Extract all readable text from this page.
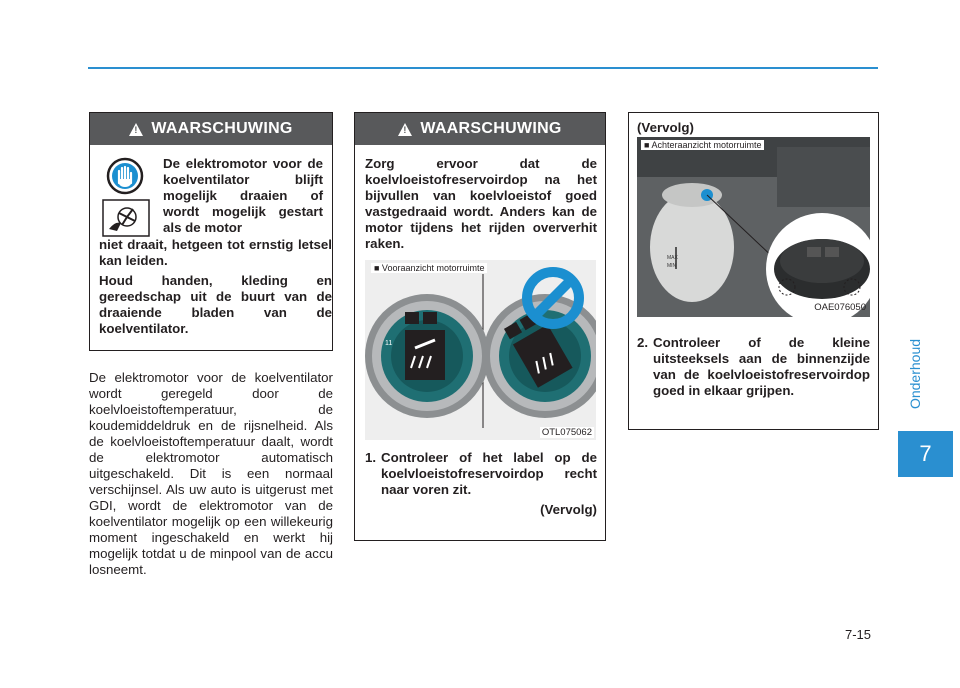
Onderhoud
7
7-15
!
WAARSCHUWING
De elektromotor voor de koelventilator blijft mogelijk draaien of wordt mogelijk gestart als de motor
niet draait, hetgeen tot ernstig letsel kan leiden.
Houd handen, kleding en gereedschap uit de buurt van de draaiende bladen van de koelventilator.
De elektromotor voor de koelventilator wordt geregeld door de koelvloeistoftemperatuur, de koudemiddeldruk en de rijsnelheid. Als de koelvloeistoftemperatuur daalt, wordt de elektromotor automatisch uitgeschakeld. Dit is een normaal verschijnsel. Als uw auto is uitgerust met GDI, wordt de elektromotor van de koelventilator mogelijk op een willekeurig moment ingeschakeld en werkt hij mogelijk totdat u de minpool van de accu losneemt.
!
WAARSCHUWING
Zorg ervoor dat de koelvloeistofreservoirdop na het bijvullen van koelvloeistof goed vastgedraaid wordt. Anders kan de motor tijdens het rijden oververhit raken.
■ Vooraanzicht motorruimte
OTL075062
11
1. Controleer of het label op de koelvloeistofreservoirdop recht naar voren zit.
(Vervolg)
(Vervolg)
MAX
MIN
■ Achteraanzicht motorruimte
OAE076050
2. Controleer of de kleine uitsteeksels aan de binnenzijde van de koelvloeistofreservoirdop goed in elkaar grijpen.
